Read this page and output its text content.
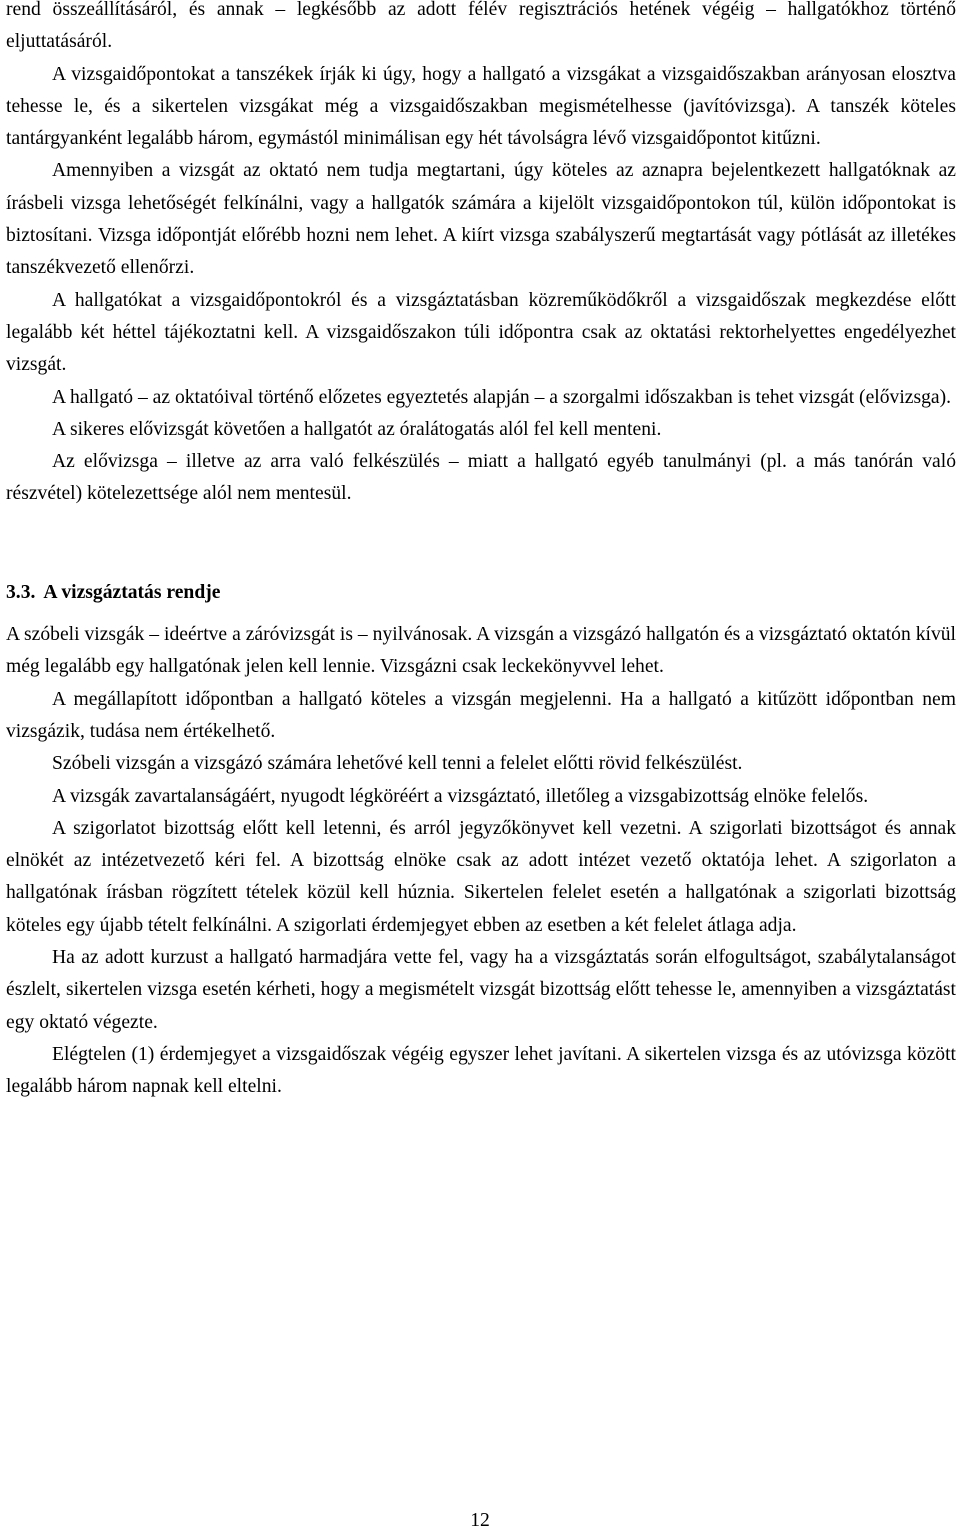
rend összeállításáról, és annak – legkésőbb az adott félév regisztrációs hetének végéig – hallgatókhoz történő eljuttatásáról.

A vizsgaidőpontokat a tanszékek írják ki úgy, hogy a hallgató a vizsgákat a vizsgaidőszakban arányosan elosztva tehesse le, és a sikertelen vizsgákat még a vizsgaidőszakban megismételhesse (javítóvizsga). A tanszék köteles tantárgyanként legalább három, egymástól minimálisan egy hét távolságra lévő vizsgaidőpontot kitűzni.

Amennyiben a vizsgát az oktató nem tudja megtartani, úgy köteles az aznapra bejelentkezett hallgatóknak az írásbeli vizsga lehetőségét felkínálni, vagy a hallgatók számára a kijelölt vizsgaidőpontokon túl, külön időpontokat is biztosítani. Vizsga időpontját előrébb hozni nem lehet. A kiírt vizsga szabályszerű megtartását vagy pótlását az illetékes tanszékvezető ellenőrzi.

A hallgatókat a vizsgaidőpontokról és a vizsgáztatásban közreműködőkről a vizsgaidőszak megkezdése előtt legalább két héttel tájékoztatni kell. A vizsgaidőszakon túli időpontra csak az oktatási rektorhelyettes engedélyezhet vizsgát.

A hallgató – az oktatóival történő előzetes egyeztetés alapján – a szorgalmi időszakban is tehet vizsgát (elővizsga).

A sikeres elővizsgát követően a hallgatót az óralátogatás alól fel kell menteni.

Az elővizsga – illetve az arra való felkészülés – miatt a hallgató egyéb tanulmányi (pl. a más tanórán való részvétel) kötelezettsége alól nem mentesül.

3.3. A vizsgáztatás rendje

A szóbeli vizsgák – ideértve a záróvizsgát is – nyilvánosak. A vizsgán a vizsgázó hallgatón és a vizsgáztató oktatón kívül még legalább egy hallgatónak jelen kell lennie. Vizsgázni csak leckekönyvvel lehet.

A megállapított időpontban a hallgató köteles a vizsgán megjelenni. Ha a hallgató a kitűzött időpontban nem vizsgázik, tudása nem értékelhető.

Szóbeli vizsgán a vizsgázó számára lehetővé kell tenni a felelet előtti rövid felkészülést.

A vizsgák zavartalanságáért, nyugodt légköréért a vizsgáztató, illetőleg a vizsgabizottság elnöke felelős.

A szigorlatot bizottság előtt kell letenni, és arról jegyzőkönyvet kell vezetni. A szigorlati bizottságot és annak elnökét az intézetvezető kéri fel. A bizottság elnöke csak az adott intézet vezető oktatója lehet. A szigorlaton a hallgatónak írásban rögzített tételek közül kell húznia. Sikertelen felelet esetén a hallgatónak a szigorlati bizottság köteles egy újabb tételt felkínálni. A szigorlati érdemjegyet ebben az esetben a két felelet átlaga adja.

Ha az adott kurzust a hallgató harmadjára vette fel, vagy ha a vizsgáztatás során elfogultságot, szabálytalanságot észlelt, sikertelen vizsga esetén kérheti, hogy a megismételt vizsgát bizottság előtt tehesse le, amennyiben a vizsgáztatást egy oktató végezte.

Elégtelen (1) érdemjegyet a vizsgaidőszak végéig egyszer lehet javítani. A sikertelen vizsga és az utóvizsga között legalább három napnak kell eltelni.

12
